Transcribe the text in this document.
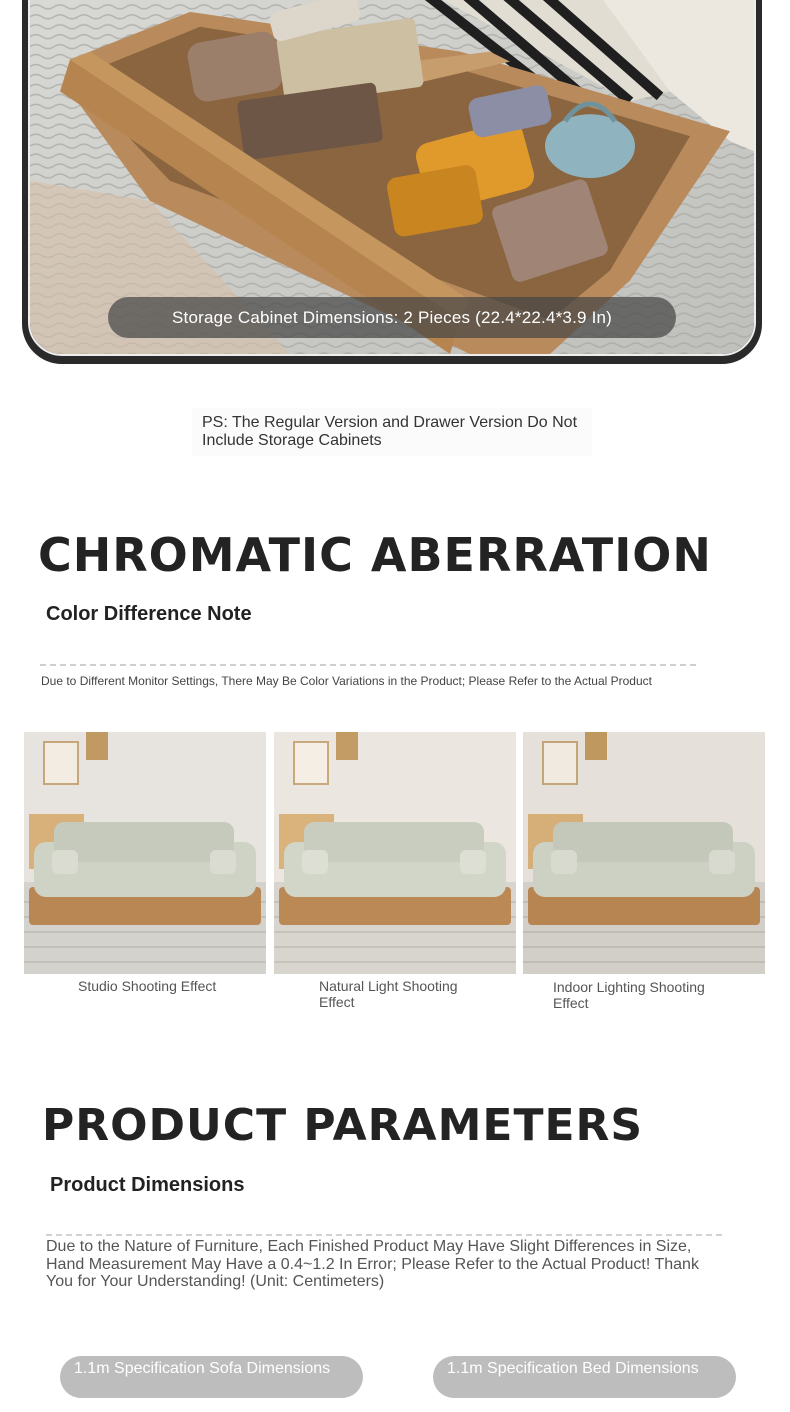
Storage Cabinet Dimensions: 2 Pieces (22.4*22.4*3.9 In)
PS: The Regular Version and Drawer Version Do Not Include Storage Cabinets
CHROMATIC ABERRATION
Color Difference Note
Due to Different Monitor Settings, There May Be Color Variations in the Product; Please Refer to the Actual Product
Studio Shooting Effect	Natural Light Shooting Effect
Indoor Lighting Shooting Effect
PRODUCT PARAMETERS
Product Dimensions
Due to the Nature of Furniture, Each Finished Product May Have Slight Differences in Size, Hand Measurement May Have a 0.4~1.2 In Error; Please Refer to the Actual Product! Thank You for Your Understanding! (Unit: Centimeters)
1.1m Specification Sofa Dimensions	1.1m Specification Bed Dimensions
